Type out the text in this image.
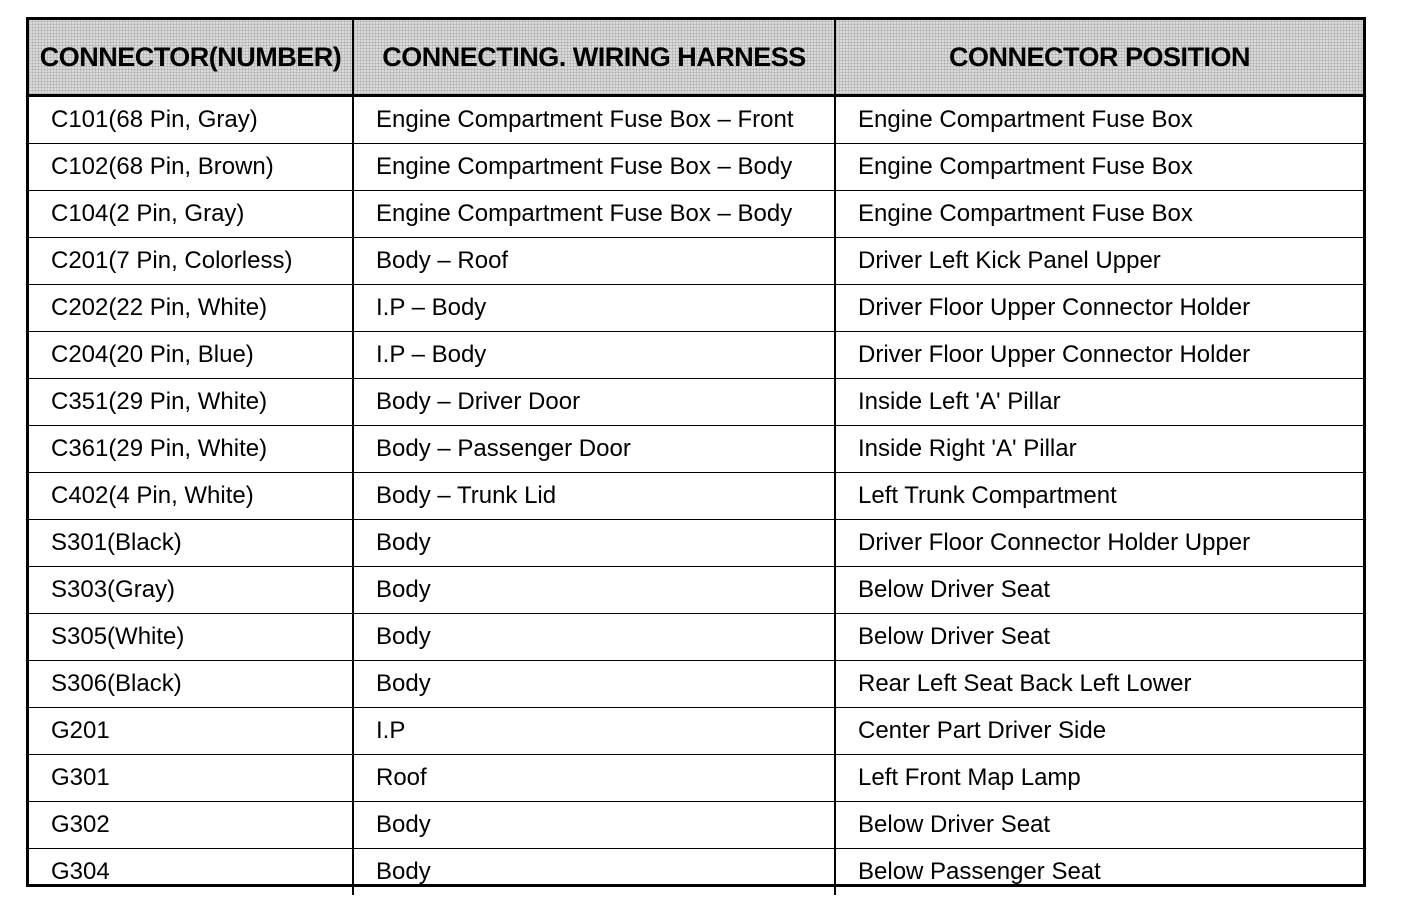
CONNECTOR(NUMBER)	CONNECTING. WIRING HARNESS	CONNECTOR POSITION
C101(68 Pin, Gray)	Engine Compartment Fuse Box – Front	Engine Compartment Fuse Box
C102(68 Pin, Brown)	Engine Compartment Fuse Box – Body	Engine Compartment Fuse Box
C104(2 Pin, Gray)	Engine Compartment Fuse Box – Body	Engine Compartment Fuse Box
C201(7 Pin, Colorless)	Body – Roof	Driver Left Kick Panel Upper
C202(22 Pin, White)	I.P – Body	Driver Floor Upper Connector Holder
C204(20 Pin, Blue)	I.P – Body	Driver Floor Upper Connector Holder
C351(29 Pin, White)	Body – Driver Door	Inside Left 'A' Pillar
C361(29 Pin, White)	Body – Passenger Door	Inside Right 'A' Pillar
C402(4 Pin, White)	Body – Trunk Lid	Left Trunk Compartment
S301(Black)	Body	Driver Floor Connector Holder Upper
S303(Gray)	Body	Below Driver Seat
S305(White)	Body	Below Driver Seat
S306(Black)	Body	Rear Left Seat Back Left Lower
G201	I.P	Center Part Driver Side
G301	Roof	Left Front Map Lamp
G302	Body	Below Driver Seat
G304	Body	Below Passenger Seat
